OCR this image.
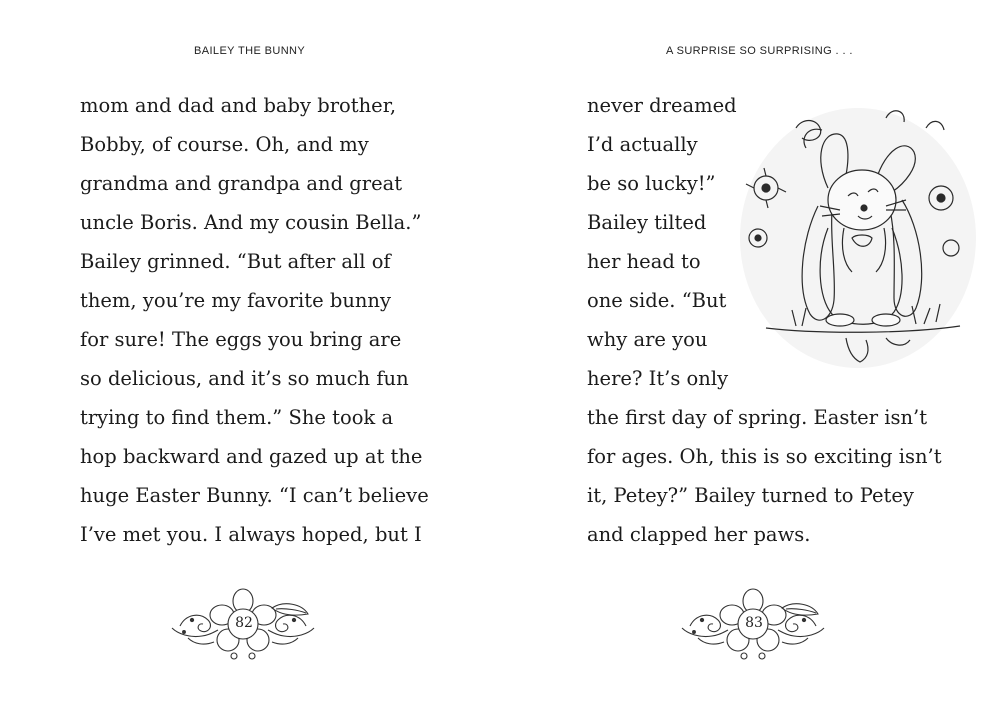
BAILEY THE BUNNY
mom and dad and baby brother,
Bobby, of course. Oh, and my
grandma and grandpa and great
uncle Boris. And my cousin Bella.”
Bailey grinned. “But after all of
them, you’re my favorite bunny
for sure! The eggs you bring are
so delicious, and it’s so much fun
trying to find them.” She took a
hop backward and gazed up at the
huge Easter Bunny. “I can’t believe
I’ve met you. I always hoped, but I
82
A SURPRISE SO SURPRISING . . .
never dreamed
I’d actually
be so lucky!”
Bailey tilted
her head to
one side. “But
why are you
here? It’s only
the first day of spring. Easter isn’t
for ages. Oh, this is so exciting isn’t
it, Petey?” Bailey turned to Petey
and clapped her paws.
83
